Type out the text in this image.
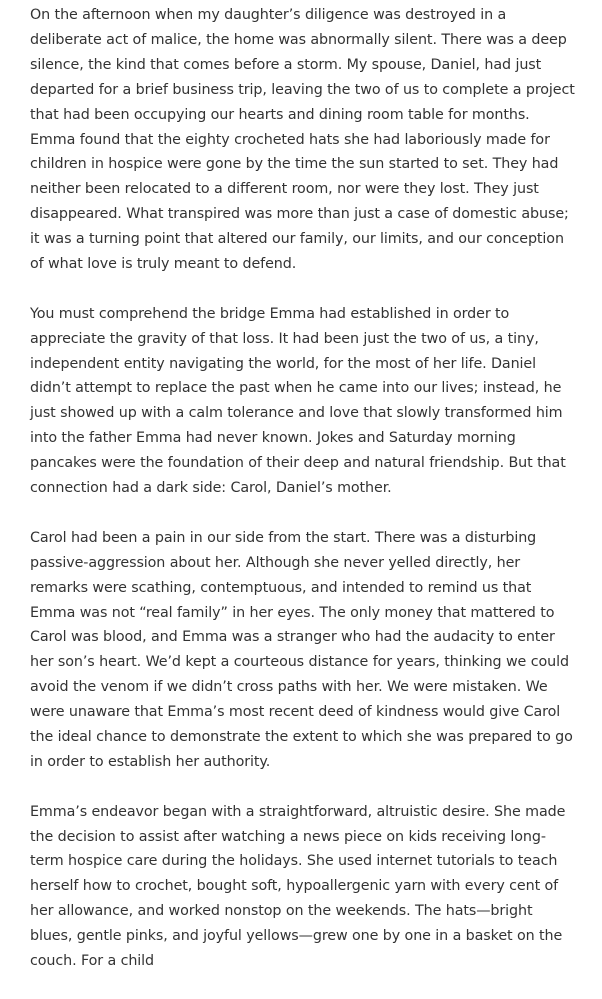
On the afternoon when my daughter’s diligence was destroyed in a deliberate act of malice, the home was abnormally silent. There was a deep silence, the kind that comes before a storm. My spouse, Daniel, had just departed for a brief business trip, leaving the two of us to complete a project that had been occupying our hearts and dining room table for months. Emma found that the eighty crocheted hats she had laboriously made for children in hospice were gone by the time the sun started to set. They had neither been relocated to a different room, nor were they lost. They just disappeared. What transpired was more than just a case of domestic abuse; it was a turning point that altered our family, our limits, and our conception of what love is truly meant to defend.

You must comprehend the bridge Emma had established in order to appreciate the gravity of that loss. It had been just the two of us, a tiny, independent entity navigating the world, for the most of her life. Daniel didn’t attempt to replace the past when he came into our lives; instead, he just showed up with a calm tolerance and love that slowly transformed him into the father Emma had never known. Jokes and Saturday morning pancakes were the foundation of their deep and natural friendship. But that connection had a dark side: Carol, Daniel’s mother.

Carol had been a pain in our side from the start. There was a disturbing passive-aggression about her. Although she never yelled directly, her remarks were scathing, contemptuous, and intended to remind us that Emma was not “real family” in her eyes. The only money that mattered to Carol was blood, and Emma was a stranger who had the audacity to enter her son’s heart. We’d kept a courteous distance for years, thinking we could avoid the venom if we didn’t cross paths with her. We were mistaken. We were unaware that Emma’s most recent deed of kindness would give Carol the ideal chance to demonstrate the extent to which she was prepared to go in order to establish her authority.

Emma’s endeavor began with a straightforward, altruistic desire. She made the decision to assist after watching a news piece on kids receiving long-term hospice care during the holidays. She used internet tutorials to teach herself how to crochet, bought soft, hypoallergenic yarn with every cent of her allowance, and worked nonstop on the weekends. The hats—bright blues, gentle pinks, and joyful yellows—grew one by one in a basket on the couch. For a child
